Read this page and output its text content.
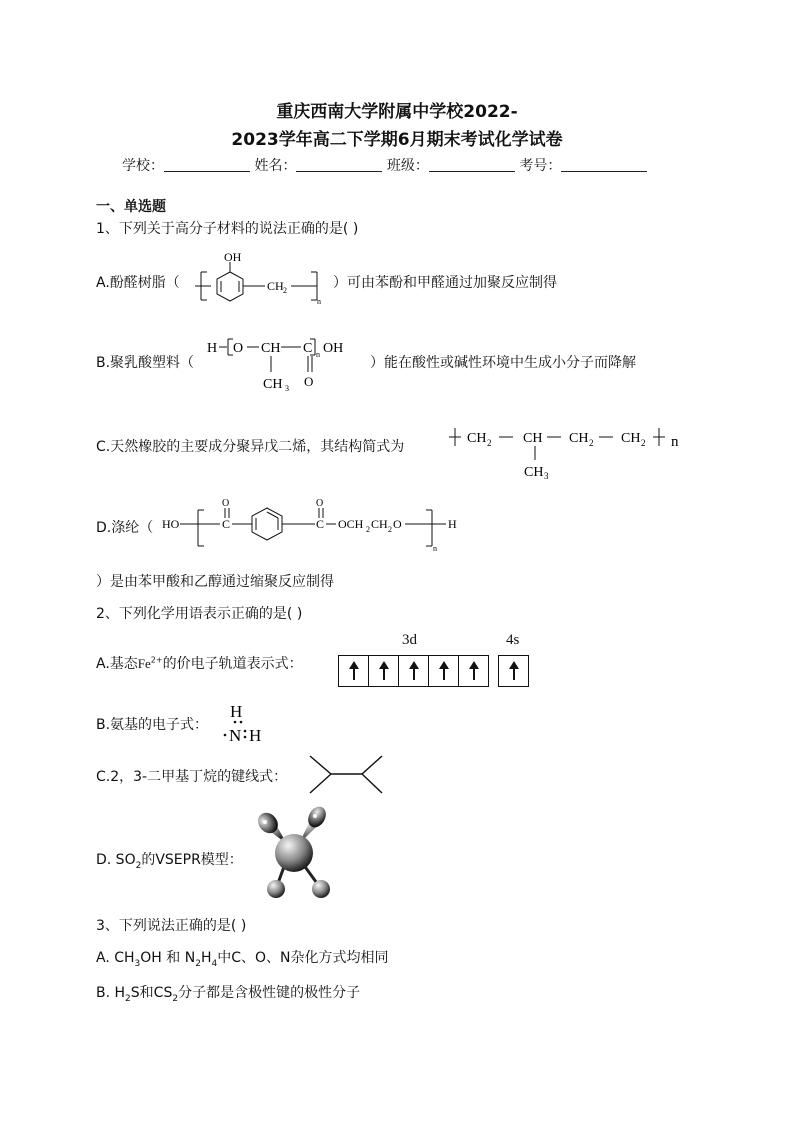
重庆西南大学附属中学校2022-
2023学年高二下学期6月期末考试化学试卷
学校：	姓名：	班级：	考号：
一、单选题
1、下列关于高分子材料的说法正确的是( )
A.酚醛树脂（
OH
CH 2
n
）可由苯酚和甲醛通过加聚反应制得
B.聚乳酸塑料（
H O CH C n OH
CH 3 O
）能在酸性或碱性环境中生成小分子而降解
C.天然橡胶的主要成分聚异戊二烯，其结构简式为
CH 2 CH CH 2 CH 2 n
CH 3
D.涤纶（ HO	C
O
C
O
OCH 2 CH 2 O
n
H
）是由苯甲酸和乙醇通过缩聚反应制得
2、下列化学用语表示正确的是( )
3d	4s
A.基态$Fe^{2+}$的价电子轨道表示式：
B.氨基的电子式：
H
N H
C.2，3-二甲基丁烷的键线式：
D. $SO_2$的VSEPR模型：
3、下列说法正确的是( )
A. $CH_3OH$ 和 $N_2H_4$中C、O、N杂化方式均相同
B. $H_2S$和$CS_2$分子都是含极性键的极性分子
